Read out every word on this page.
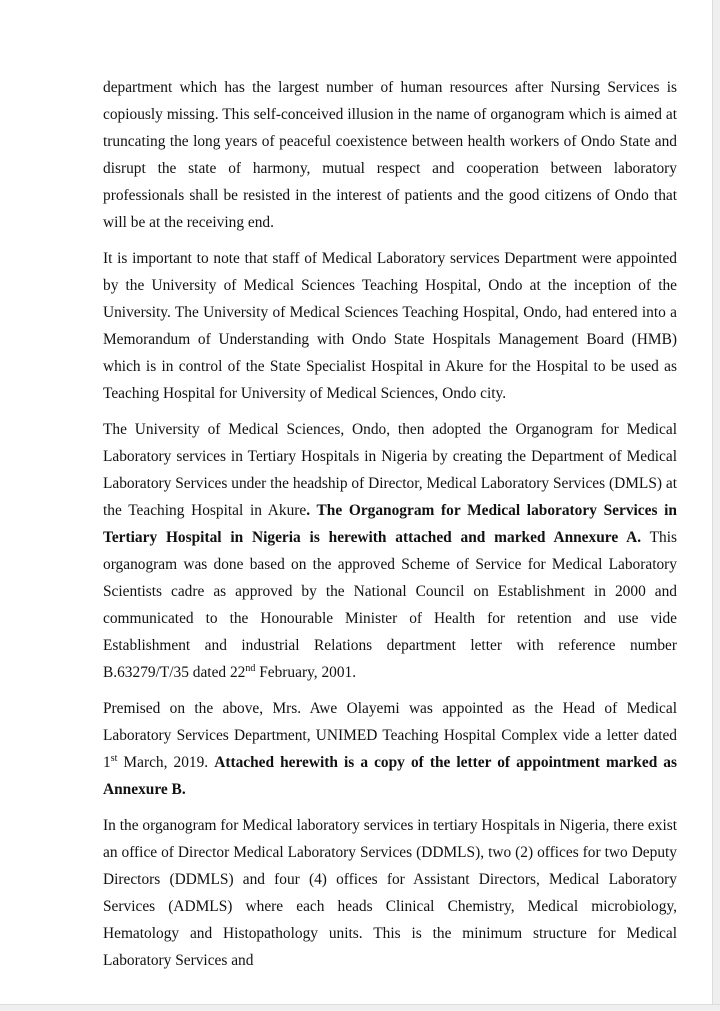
department which has the largest number of human resources after Nursing Services is copiously missing. This self-conceived illusion in the name of organogram which is aimed at truncating the long years of peaceful coexistence between health workers of Ondo State and disrupt the state of harmony, mutual respect and cooperation between laboratory professionals shall be resisted in the interest of patients and the good citizens of Ondo that will be at the receiving end.

It is important to note that staff of Medical Laboratory services Department were appointed by the University of Medical Sciences Teaching Hospital, Ondo at the inception of the University. The University of Medical Sciences Teaching Hospital, Ondo, had entered into a Memorandum of Understanding with Ondo State Hospitals Management Board (HMB) which is in control of the State Specialist Hospital in Akure for the Hospital to be used as Teaching Hospital for University of Medical Sciences, Ondo city.

The University of Medical Sciences, Ondo, then adopted the Organogram for Medical Laboratory services in Tertiary Hospitals in Nigeria by creating the Department of Medical Laboratory Services under the headship of Director, Medical Laboratory Services (DMLS) at the Teaching Hospital in Akure. The Organogram for Medical laboratory Services in Tertiary Hospital in Nigeria is herewith attached and marked Annexure A. This organogram was done based on the approved Scheme of Service for Medical Laboratory Scientists cadre as approved by the National Council on Establishment in 2000 and communicated to the Honourable Minister of Health for retention and use vide Establishment and industrial Relations department letter with reference number B.63279/T/35 dated 22nd February, 2001.

Premised on the above, Mrs. Awe Olayemi was appointed as the Head of Medical Laboratory Services Department, UNIMED Teaching Hospital Complex vide a letter dated 1st March, 2019. Attached herewith is a copy of the letter of appointment marked as Annexure B.

In the organogram for Medical laboratory services in tertiary Hospitals in Nigeria, there exist an office of Director Medical Laboratory Services (DDMLS), two (2) offices for two Deputy Directors (DDMLS) and four (4) offices for Assistant Directors, Medical Laboratory Services (ADMLS) where each heads Clinical Chemistry, Medical microbiology, Hematology and Histopathology units. This is the minimum structure for Medical Laboratory Services and
